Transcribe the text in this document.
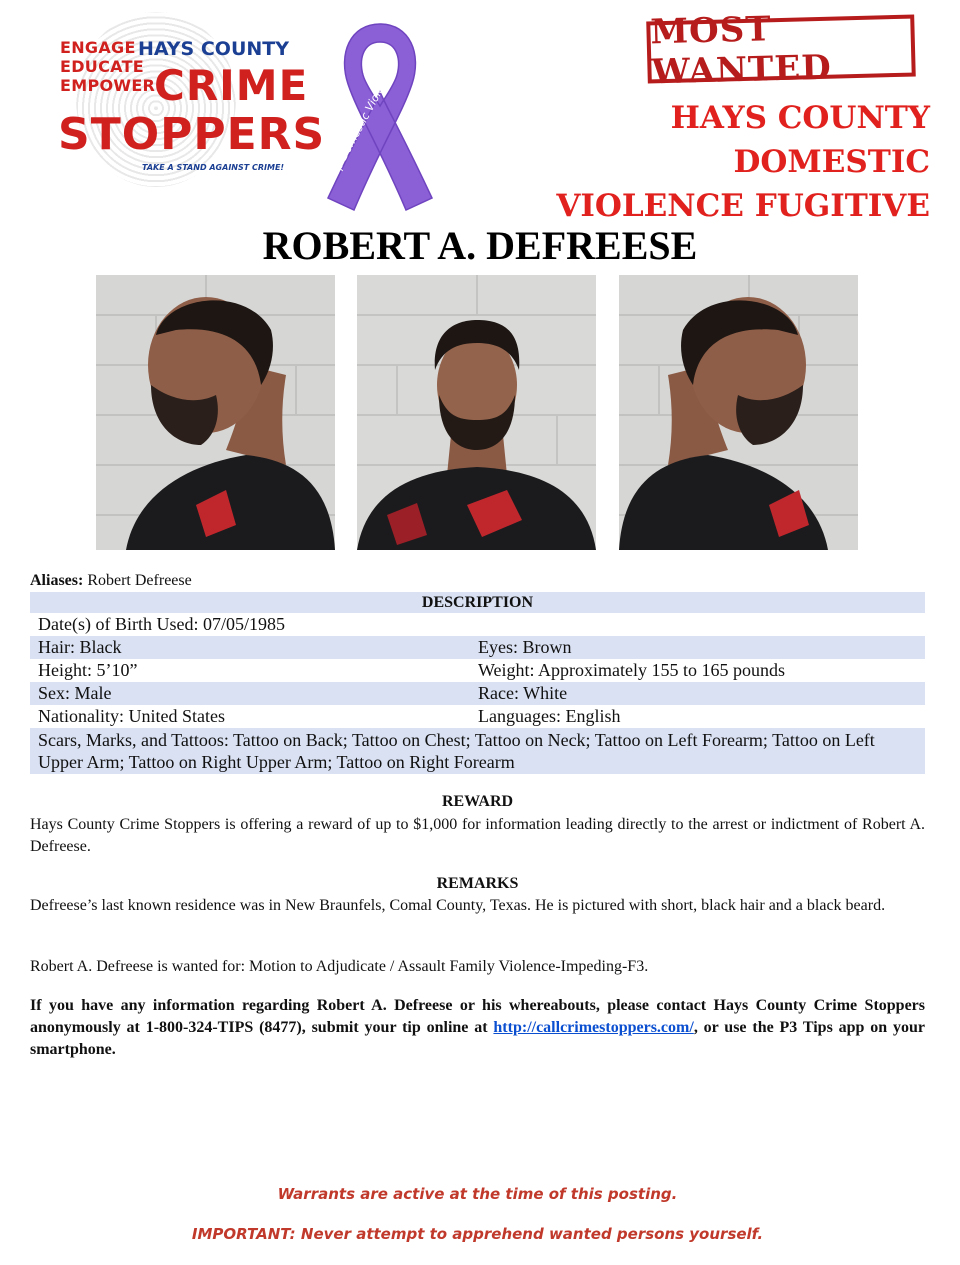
ENGAGE
EDUCATE
EMPOWER
HAYS COUNTY
CRIME
STOPPERS
TAKE A STAND AGAINST CRIME!	Stop Domestic Violence
MOST WANTED
HAYS COUNTY DOMESTIC
VIOLENCE FUGITIVE
ROBERT A. DEFREESE
Aliases: Robert Defreese
DESCRIPTION	
Date(s) of Birth Used: 07/05/1985	
Hair: Black	Eyes: Brown
Height: 5’10”	Weight: Approximately 155 to 165 pounds
Sex: Male	Race: White
Nationality: United States	Languages: English
Scars, Marks, and Tattoos: Tattoo on Back; Tattoo on Chest; Tattoo on Neck; Tattoo on Left Forearm; Tattoo on Left Upper Arm; Tattoo on Right Upper Arm; Tattoo on Right Forearm	
REWARD
Hays County Crime Stoppers is offering a reward of up to $1,000 for information leading directly to the arrest or indictment of Robert A. Defreese.
REMARKS
Defreese’s last known residence was in New Braunfels, Comal County, Texas. He is pictured with short, black hair and a black beard.
Robert A. Defreese is wanted for: Motion to Adjudicate / Assault Family Violence-Impeding-F3.
If you have any information regarding Robert A. Defreese or his whereabouts, please contact Hays County Crime Stoppers anonymously at 1-800-324-TIPS (8477), submit your tip online at http://callcrimestoppers.com/, or use the P3 Tips app on your smartphone.
Warrants are active at the time of this posting.
IMPORTANT: Never attempt to apprehend wanted persons yourself.
